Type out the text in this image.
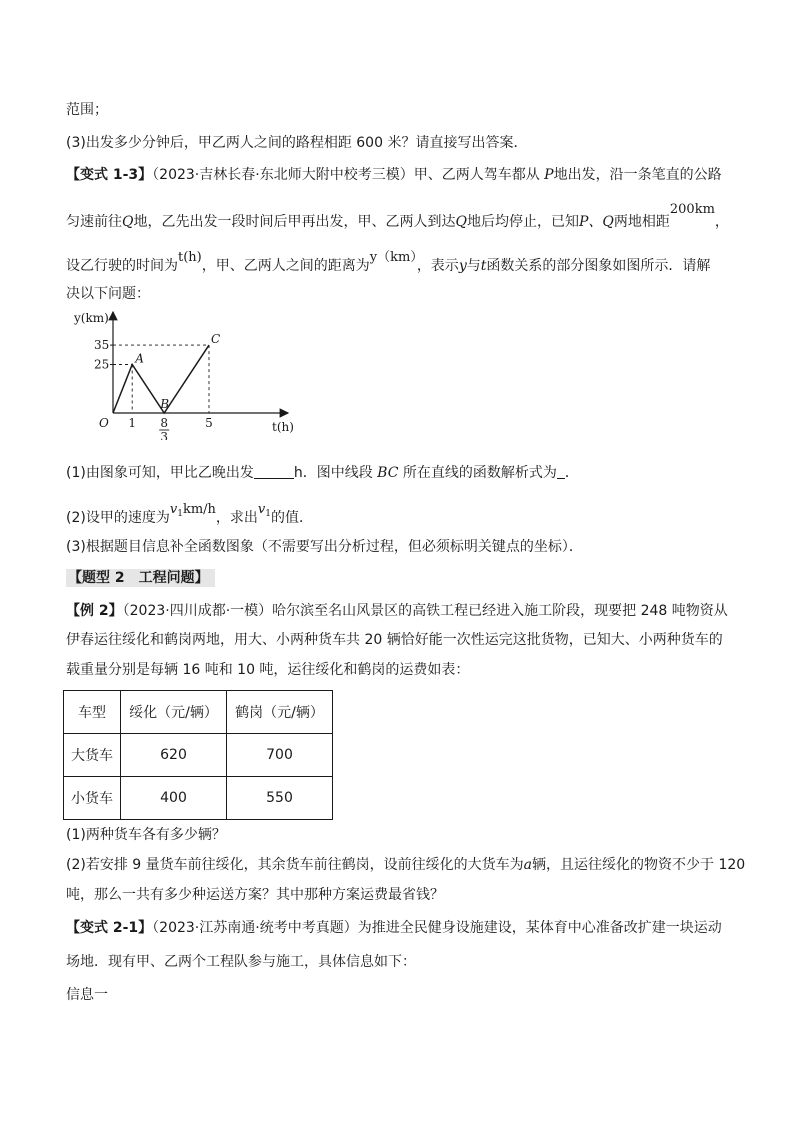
范围；
(3)出发多少分钟后，甲乙两人之间的路程相距 600 米？请直接写出答案．
【变式 1-3】（2023·吉林长春·东北师大附中校考三模）甲、乙两人驾车都从 P地出发，沿一条笔直的公路
匀速前往Q地，乙先出发一段时间后甲再出发，甲、乙两人到达Q地后均停止，已知P、Q两地相距200km，
设乙行驶的时间为t(h)，甲、乙两人之间的距离为y（km），表示y与t函数关系的部分图象如图所示．请解
决以下问题：
y(km)
t(h)
O
35
25
1 8
3
5
A
B
C
(1)由图象可知，甲比乙晚出发	h．图中线段 BC 所在直线的函数解析式为 ．
(2)设甲的速度为$v_1km/h$，求出$v_1$的值．
(3)根据题目信息补全函数图象（不需要写出分析过程，但必须标明关键点的坐标）．
【题型 2　工程问题】
【例 2】（2023·四川成都·一模）哈尔滨至名山风景区的高铁工程已经进入施工阶段，现要把 248 吨物资从
伊春运往绥化和鹤岗两地，用大、小两种货车共 20 辆恰好能一次性运完这批货物，已知大、小两种货车的
载重量分别是每辆 16 吨和 10 吨，运往绥化和鹤岗的运费如表：
车型	绥化（元/辆）	鹤岗（元/辆）
大货车	620	700
小货车	400	550
(1)两种货车各有多少辆？
(2)若安排 9 量货车前往绥化，其余货车前往鹤岗，设前往绥化的大货车为a辆，且运往绥化的物资不少于 120
吨，那么一共有多少种运送方案？其中那种方案运费最省钱？
【变式 2-1】（2023·江苏南通·统考中考真题）为推进全民健身设施建设，某体育中心准备改扩建一块运动
场地．现有甲、乙两个工程队参与施工，具体信息如下：
信息一
